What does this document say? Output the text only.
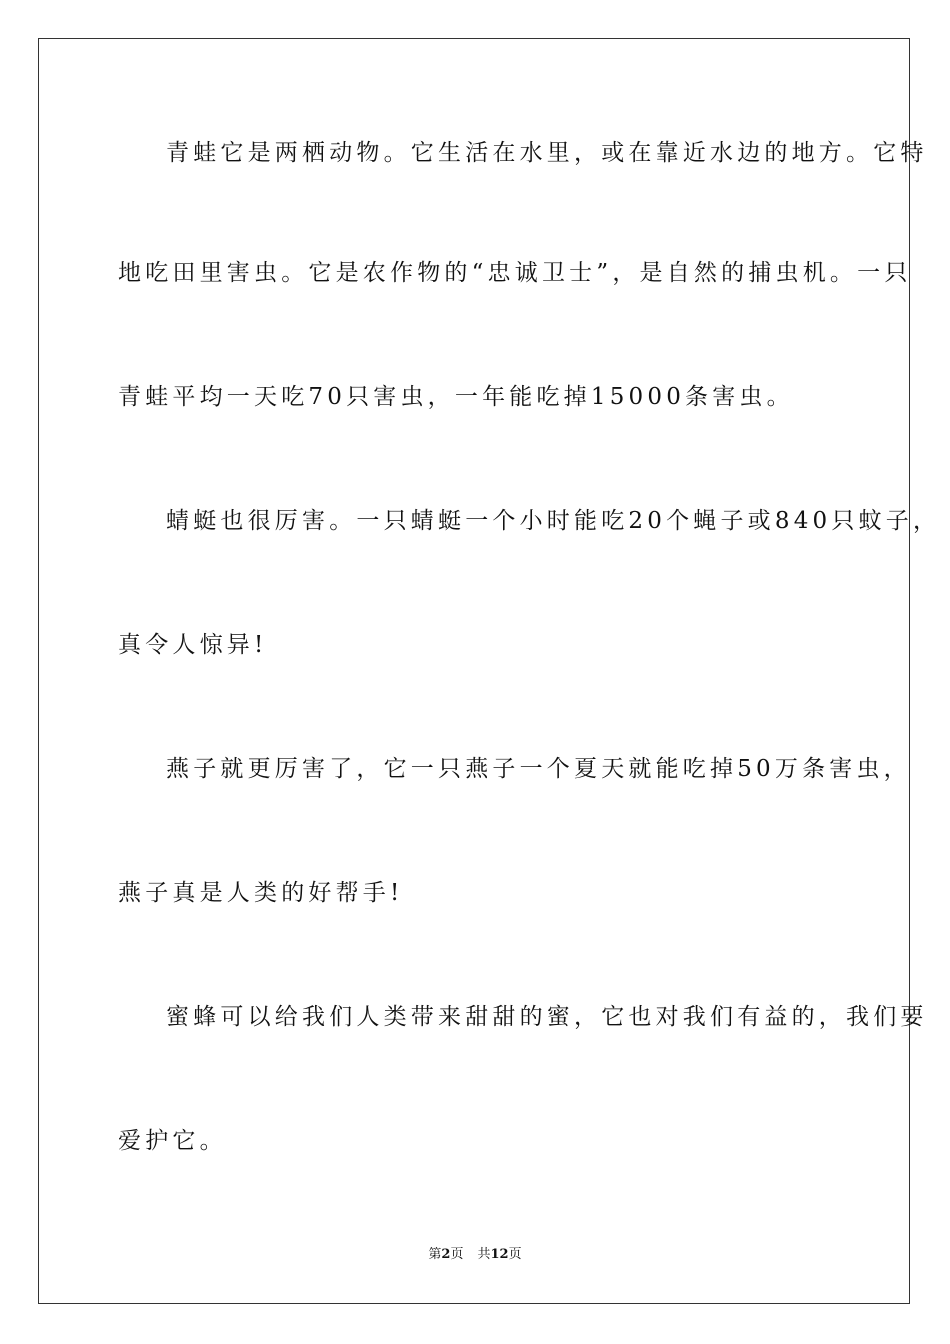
青蛙它是两栖动物。它生活在水里，或在靠近水边的地方。它特
地吃田里害虫。它是农作物的“忠诚卫士”，是自然的捕虫机。一只
青蛙平均一天吃70只害虫，一年能吃掉15000条害虫。
蜻蜓也很厉害。一只蜻蜓一个小时能吃20个蝇子或840只蚊子，
真令人惊异!
燕子就更厉害了，它一只燕子一个夏天就能吃掉50万条害虫，
燕子真是人类的好帮手!
蜜蜂可以给我们人类带来甜甜的蜜，它也对我们有益的，我们要
爱护它。
第2页 共12页
